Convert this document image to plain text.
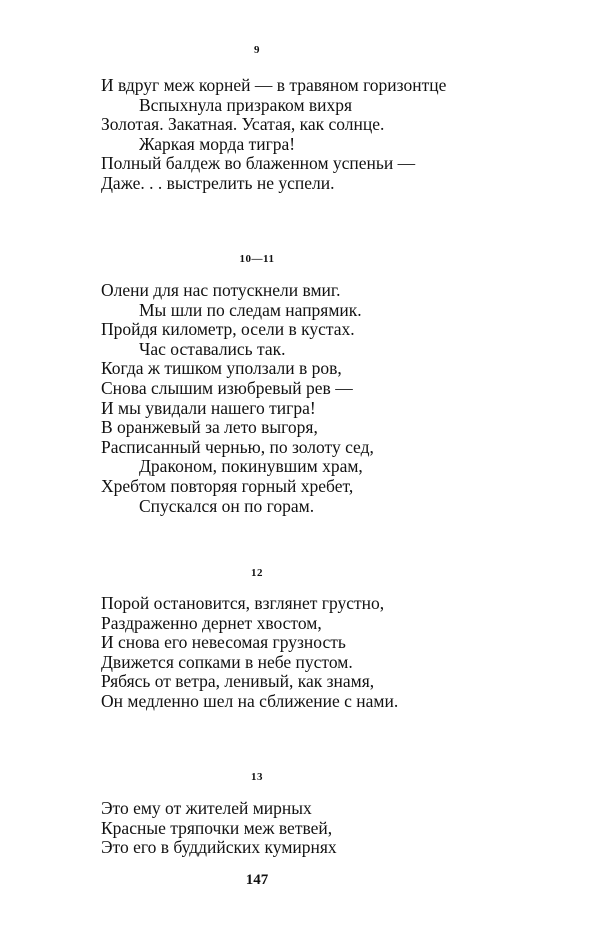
9
И вдруг меж корней — в травяном горизонтце
Вспыхнула призраком вихря
Золотая. Закатная. Усатая, как солнце.
Жаркая морда тигра!
Полный балдеж во блаженном успеньи —
Даже. . . выстрелить не успели.
10—11
Олени для нас потускнели вмиг.
Мы шли по следам напрямик.
Пройдя километр, осели в кустах.
Час оставались так.
Когда ж тишком уползали в ров,
Снова слышим изюбревый рев —
И мы увидали нашего тигра!
В оранжевый за лето выгоря,
Расписанный чернью, по золоту сед,
Драконом, покинувшим храм,
Хребтом повторяя горный хребет,
Спускался он по горам.
12
Порой остановится, взглянет грустно,
Раздраженно дернет хвостом,
И снова его невесомая грузность
Движется сопками в небе пустом.
Рябясь от ветра, ленивый, как знамя,
Он медленно шел на сближение с нами.
13
Это ему от жителей мирных
Красные тряпочки меж ветвей,
Это его в буддийских кумирнях
147
